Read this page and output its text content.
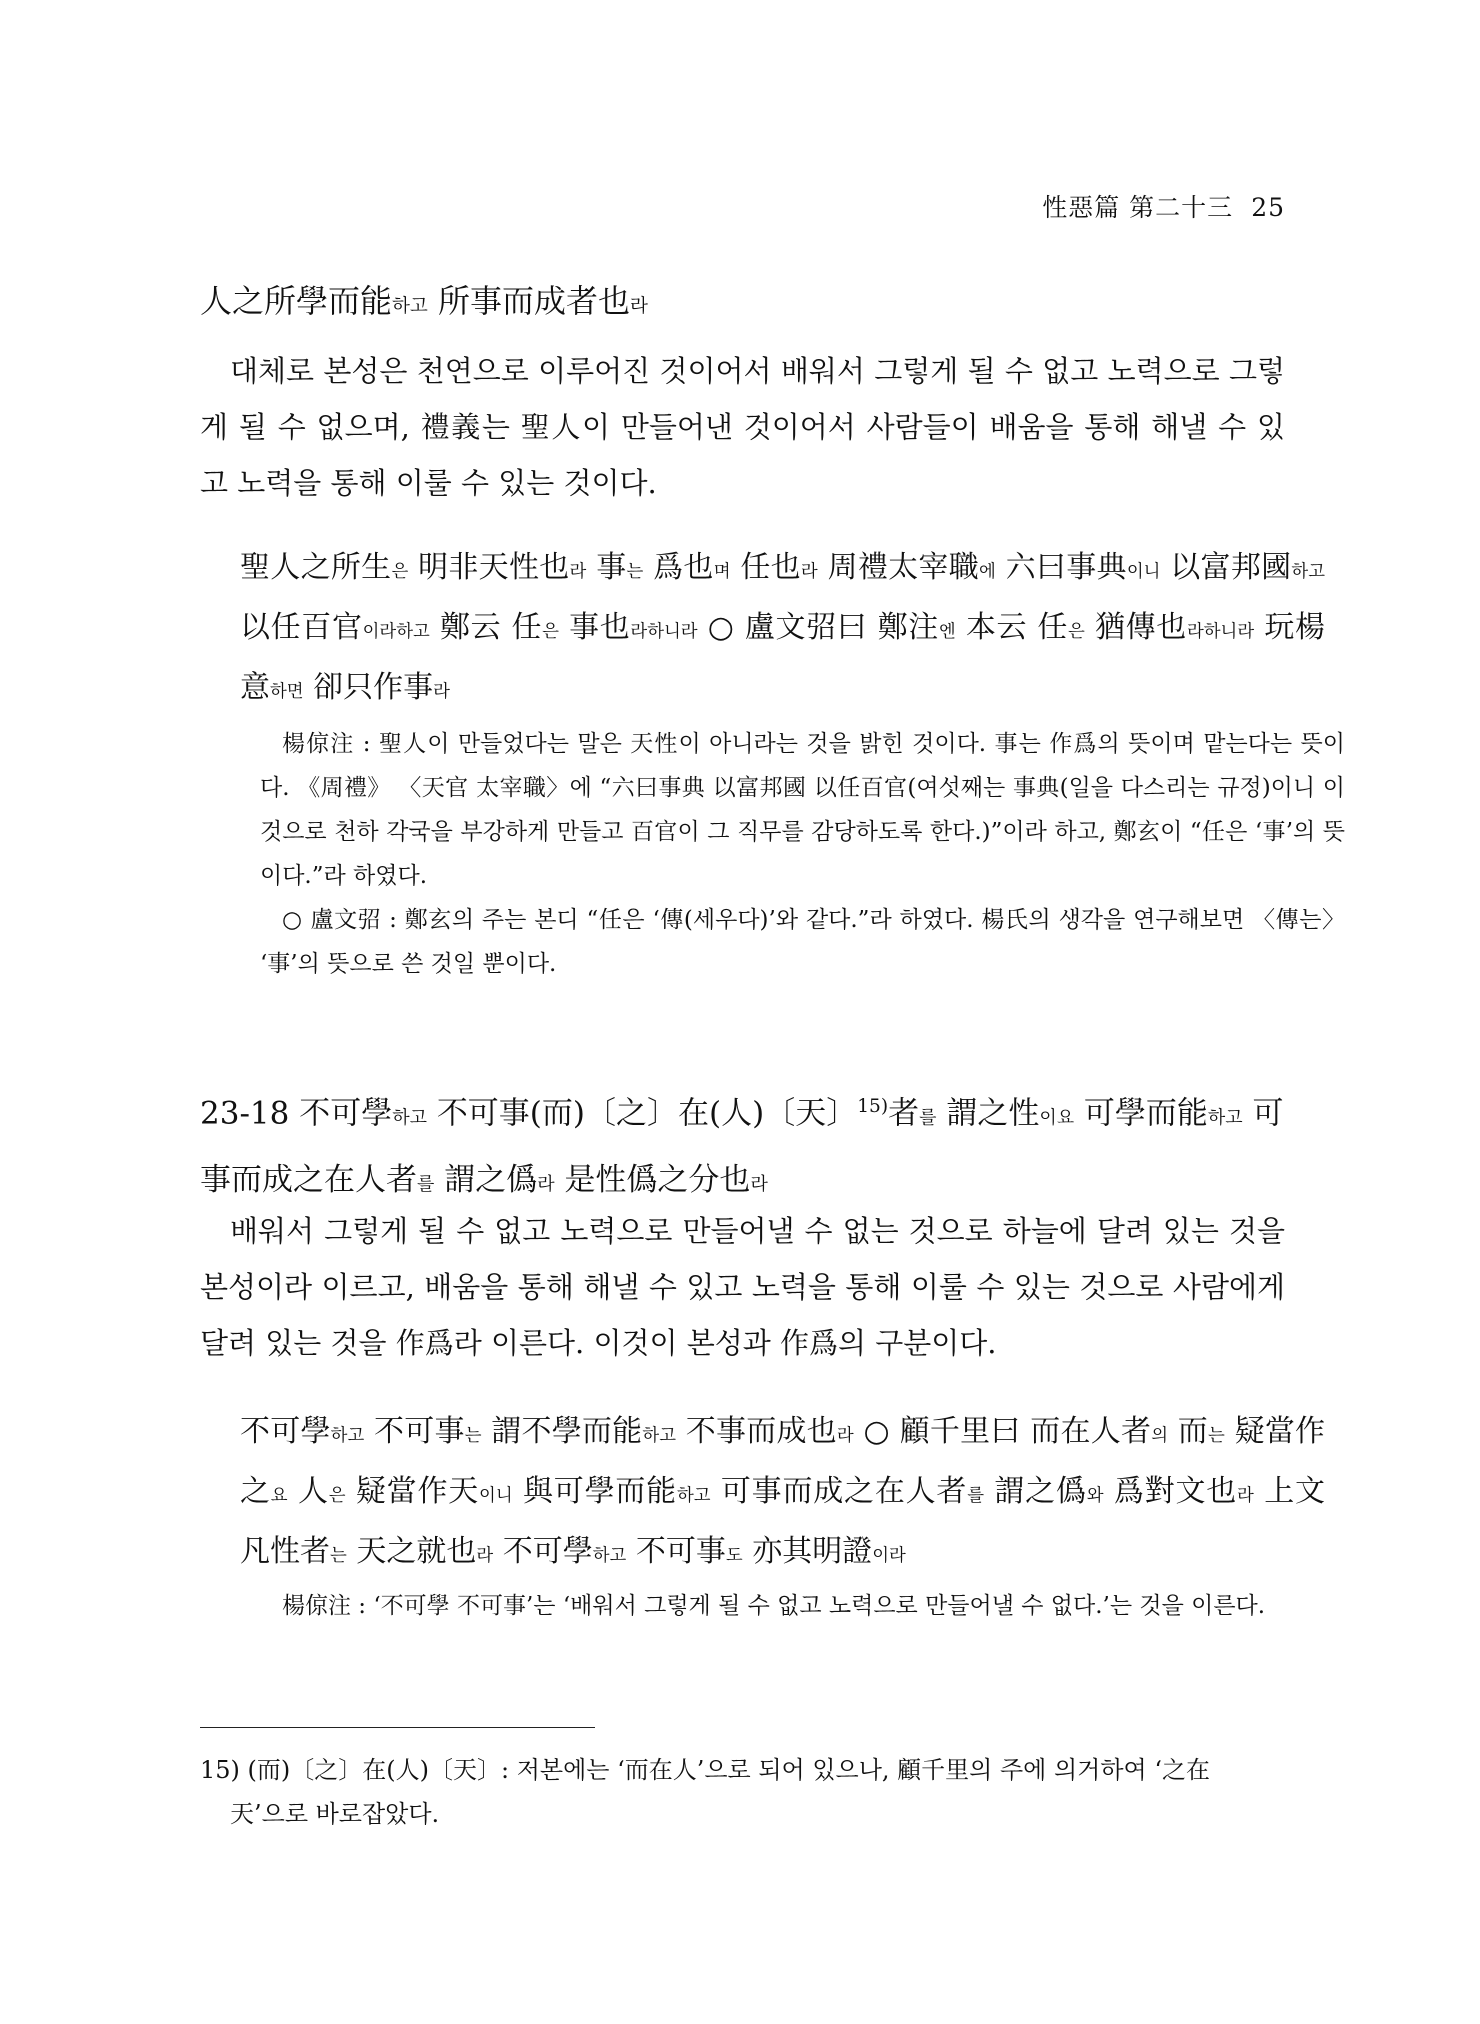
性惡篇 第二十三 25
人之所學而能하고 所事而成者也라

대체로 본성은 천연으로 이루어진 것이어서 배워서 그렇게 될 수 없고 노력으로 그렇게 될 수 없으며, 禮義는 聖人이 만들어낸 것이어서 사람들이 배움을 통해 해낼 수 있고 노력을 통해 이룰 수 있는 것이다.

聖人之所生은 明非天性也라 事는 爲也며 任也라 周禮太宰職에 六曰事典이니 以富邦國하고 以任百官이라하고 鄭云 任은 事也라하니라 ○ 盧文弨曰 鄭注엔 本云 任은 猶傳也라하니라 玩楊意하면 卻只作事라

楊倞注 : 聖人이 만들었다는 말은 天性이 아니라는 것을 밝힌 것이다. 事는 作爲의 뜻이며 맡는다는 뜻이다. 《周禮》 〈天官 太宰職〉에 “六曰事典 以富邦國 以任百官(여섯째는 事典(일을 다스리는 규정)이니 이것으로 천하 각국을 부강하게 만들고 百官이 그 직무를 감당하도록 한다.)”이라 하고, 鄭玄이 “任은 ‘事’의 뜻이다.”라 하였다.

○ 盧文弨 : 鄭玄의 주는 본디 “任은 ‘傳(세우다)’와 같다.”라 하였다. 楊氏의 생각을 연구해보면 〈傳는〉 ‘事’의 뜻으로 쓴 것일 뿐이다.

23-18 不可學하고 不可事(而)〔之〕在(人)〔天〕$^{15)}$者를 謂之性이요 可學而能하고 可事而成之在人者를 謂之僞라 是性僞之分也라

배워서 그렇게 될 수 없고 노력으로 만들어낼 수 없는 것으로 하늘에 달려 있는 것을 본성이라 이르고, 배움을 통해 해낼 수 있고 노력을 통해 이룰 수 있는 것으로 사람에게 달려 있는 것을 作爲라 이른다. 이것이 본성과 作爲의 구분이다.

不可學하고 不可事는 謂不學而能하고 不事而成也라 ○ 顧千里曰 而在人者의 而는 疑當作之요 人은 疑當作天이니 與可學而能하고 可事而成之在人者를 謂之僞와 爲對文也라 上文凡性者는 天之就也라 不可學하고 不可事도 亦其明證이라

楊倞注 : ‘不可學 不可事’는 ‘배워서 그렇게 될 수 없고 노력으로 만들어낼 수 없다.’는 것을 이른다.

15) (而)〔之〕在(人)〔天〕: 저본에는 ‘而在人’으로 되어 있으나, 顧千里의 주에 의거하여 ‘之在

天’으로 바로잡았다.
